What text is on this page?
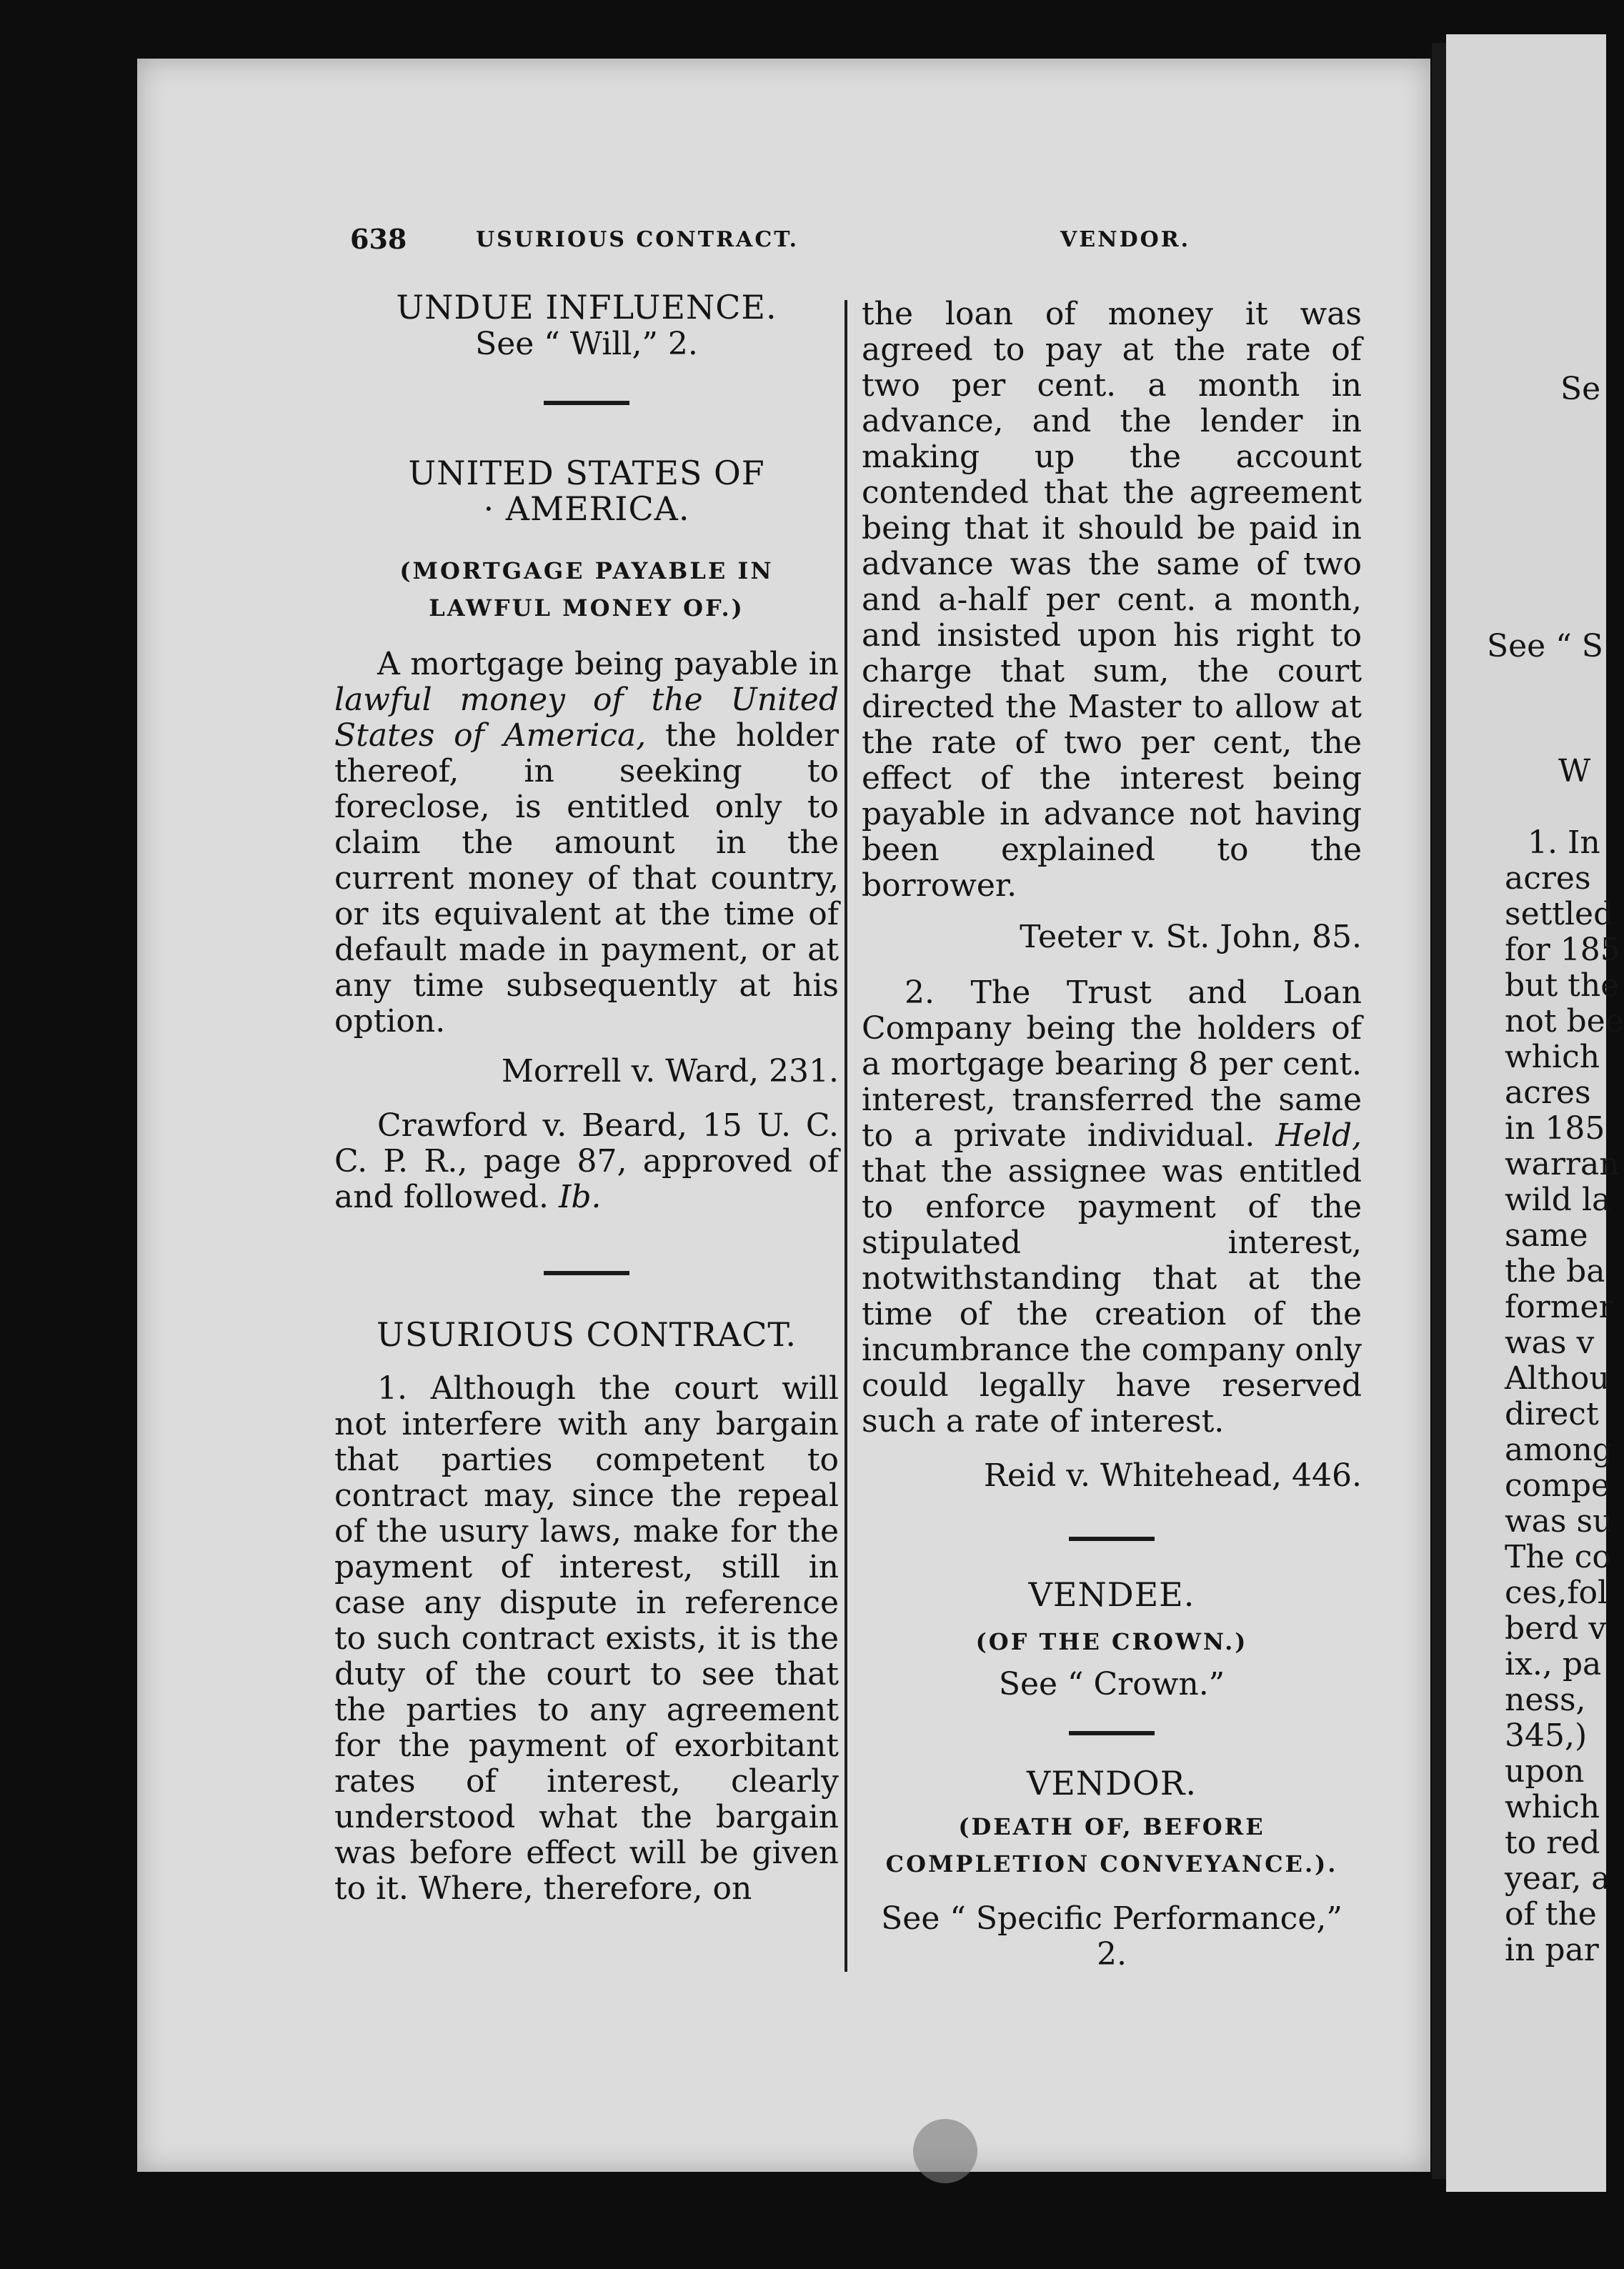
638	USURIOUS CONTRACT.	VENDOR.

UNDUE INFLUENCE.

See “ Will,” 2.

UNITED STATES OF

· AMERICA.

(MORTGAGE PAYABLE IN LAWFUL MONEY OF.)

A mortgage being payable in lawful money of the United States of America, the holder thereof, in seeking to foreclose, is entitled only to claim the amount in the current money of that country, or its equivalent at the time of default made in payment, or at any time subsequently at his option.

Morrell v. Ward, 231.

Crawford v. Beard, 15 U. C. C. P. R., page 87, approved of and followed. Ib.

USURIOUS CONTRACT.

1. Although the court will not interfere with any bargain that parties competent to contract may, since the repeal of the usury laws, make for the payment of interest, still in case any dispute in reference to such contract exists, it is the duty of the court to see that the parties to any agreement for the payment of exorbitant rates of interest, clearly understood what the bargain was before effect will be given to it. Where, therefore, on

the loan of money it was agreed to pay at the rate of two per cent. a month in advance, and the lender in making up the account contended that the agreement being that it should be paid in advance was the same of two and a-half per cent. a month, and insisted upon his right to charge that sum, the court directed the Master to allow at the rate of two per cent, the effect of the interest being payable in advance not having been explained to the borrower.

Teeter v. St. John, 85.

2. The Trust and Loan Company being the holders of a mortgage bearing 8 per cent. interest, transferred the same to a private individual. Held, that the assignee was entitled to enforce payment of the stipulated interest, notwithstanding that at the time of the creation of the incumbrance the company only could legally have reserved such a rate of interest.

Reid v. Whitehead, 446.

VENDEE.

(OF THE CROWN.)

See “ Crown.”

VENDOR.

(DEATH OF, BEFORE COMPLETION CONVEYANCE.).

See “ Specific Performance,” 2.

Se
See “ S
W
1. In
acres
settled
for 185
but the
not bee
which
acres
in 185
warran
wild la
same
the ba
former
was v
Althou
direct
among
compe
was su
The co
ces,fol
berd v
ix., pa
ness,
345,)
upon
which
to red
year, a
of the
in par
